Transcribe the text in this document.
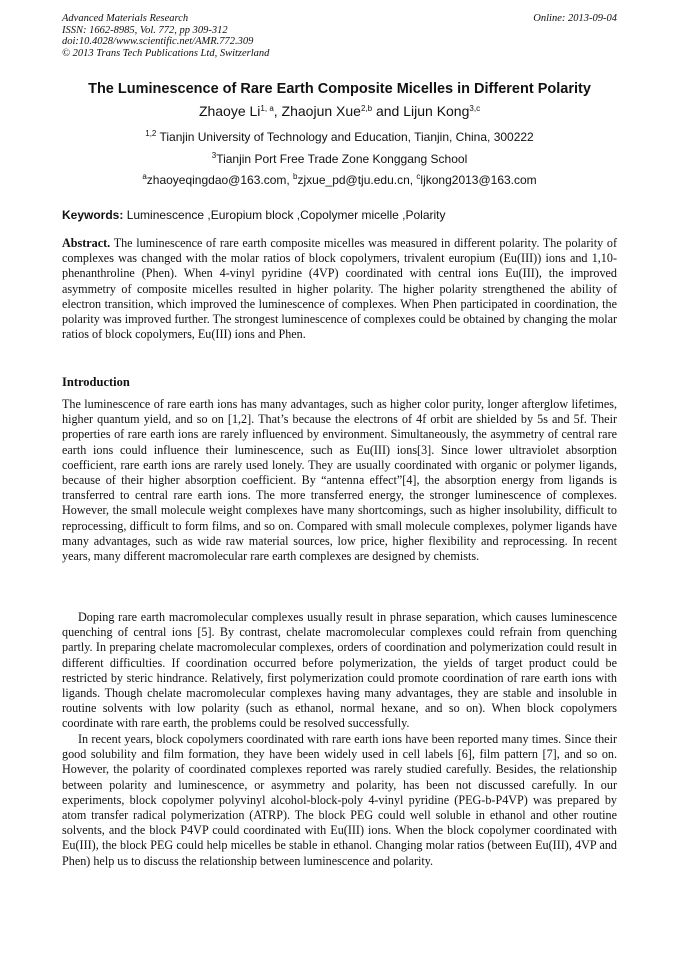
Advanced Materials Research
ISSN: 1662-8985, Vol. 772, pp 309-312
doi:10.4028/www.scientific.net/AMR.772.309
© 2013 Trans Tech Publications Ltd, Switzerland
Online: 2013-09-04
The Luminescence of Rare Earth Composite Micelles in Different Polarity
Zhaoye Li$^{1, a}$, Zhaojun Xue$^{2,b}$ and Lijun Kong$^{3,c}$
$^{1,2}$ Tianjin University of Technology and Education, Tianjin, China, 300222
$^3$Tianjin Port Free Trade Zone Konggang School
$^a$zhaoyeqingdao@163.com, $^b$zjxue_pd@tju.edu.cn, $^c$ljkong2013@163.com
Keywords: Luminescence ,Europium block ,Copolymer micelle ,Polarity
Abstract. The luminescence of rare earth composite micelles was measured in different polarity. The polarity of complexes was changed with the molar ratios of block copolymers, trivalent europium (Eu(III)) ions and 1,10-phenanthroline (Phen). When 4-vinyl pyridine (4VP) coordinated with central ions Eu(III), the improved asymmetry of composite micelles resulted in higher polarity. The higher polarity strengthened the ability of electron transition, which improved the luminescence of complexes. When Phen participated in coordination, the polarity was improved further. The strongest luminescence of complexes could be obtained by changing the molar ratios of block copolymers, Eu(III) ions and Phen.
Introduction
The luminescence of rare earth ions has many advantages, such as higher color purity, longer afterglow lifetimes, higher quantum yield, and so on [1,2]. That’s because the electrons of 4f orbit are shielded by 5s and 5f. Their properties of rare earth ions are rarely influenced by environment. Simultaneously, the asymmetry of central rare earth ions could influence their luminescence, such as Eu(III) ions[3]. Since lower ultraviolet absorption coefficient, rare earth ions are rarely used lonely. They are usually coordinated with organic or polymer ligands, because of their higher absorption coefficient. By “antenna effect”[4], the absorption energy from ligands is transferred to central rare earth ions. The more transferred energy, the stronger luminescence of complexes. However, the small molecule weight complexes have many shortcomings, such as higher insolubility, difficult to reprocessing, difficult to form films, and so on. Compared with small molecule complexes, polymer ligands have many advantages, such as wide raw material sources, low price, higher flexibility and reprocessing. In recent years, many different macromolecular rare earth complexes are designed by chemists.
Doping rare earth macromolecular complexes usually result in phrase separation, which causes luminescence quenching of central ions [5]. By contrast, chelate macromolecular complexes could refrain from quenching partly. In preparing chelate macromolecular complexes, orders of coordination and polymerization could result in different difficulties. If coordination occurred before polymerization, the yields of target product could be restricted by steric hindrance. Relatively, first polymerization could promote coordination of rare earth ions with ligands. Though chelate macromolecular complexes having many advantages, they are stable and insoluble in routine solvents with low polarity (such as ethanol, normal hexane, and so on). When block copolymers coordinate with rare earth, the problems could be resolved successfully.
In recent years, block copolymers coordinated with rare earth ions have been reported many times. Since their good solubility and film formation, they have been widely used in cell labels [6], film pattern [7], and so on. However, the polarity of coordinated complexes reported was rarely studied carefully. Besides, the relationship between polarity and luminescence, or asymmetry and polarity, has been not discussed carefully. In our experiments, block copolymer polyvinyl alcohol-block-poly 4-vinyl pyridine (PEG-b-P4VP) was prepared by atom transfer radical polymerization (ATRP). The block PEG could well soluble in ethanol and other routine solvents, and the block P4VP could coordinated with Eu(III) ions. When the block copolymer coordinated with Eu(III), the block PEG could help micelles be stable in ethanol. Changing molar ratios (between Eu(III), 4VP and Phen) help us to discuss the relationship between luminescence and polarity.
